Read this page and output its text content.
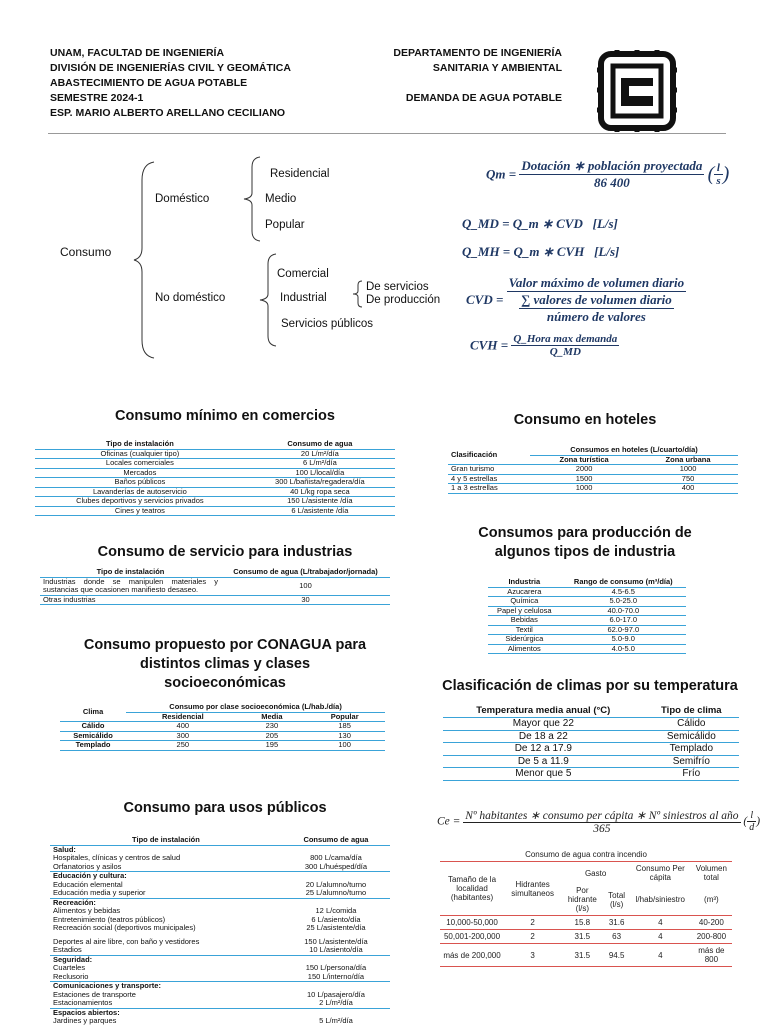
UNAM, FACULTAD DE INGENIERÍA
DIVISIÓN DE INGENIERÍAS CIVIL Y GEOMÁTICA
ABASTECIMIENTO DE AGUA POTABLE
SEMESTRE 2024-1
ESP. MARIO ALBERTO ARELLANO CECILIANO
DEPARTAMENTO DE INGENIERÍA
SANITARIA Y AMBIENTAL
DEMANDA DE AGUA POTABLE
Consumo
Doméstico
No doméstico
Residencial
Medio
Popular
Comercial
Industrial
Servicios públicos
De servicios
De producción
$Qm = \frac{\text{Dotación ∗ población proyectada}}{86 400}$ ( $\frac{l}{s}$ )
Q_MD = Q_m ∗ CVD   [L/s]
Q_MH = Q_m ∗ CVH   [L/s]
CVD = $\frac{\text{Valor máximo de volumen diario}}{\frac{\text{∑ valores de volumen diario}}{\text{número de valores}}}$
CVH = $\frac{\text{Q\_Hora max demanda}}{Q\_MD}$
Consumo mínimo en comercios
Tipo de instalación	Consumo de agua
Oficinas (cualquier tipo)	20 L/m²/día
Locales comerciales	6 L/m²/día
Mercados	100 L/local/día
Baños públicos	300 L/bañista/regadera/día
Lavanderías de autoservicio	40 L/kg ropa seca
Clubes deportivos y servicios privados	150 L/asistente /día
Cines y teatros	6 L/asistente /día
Consumo de servicio para industrias
Tipo de instalación	Consumo de agua (L/trabajador/jornada)
Industrias donde se manipulen materiales y sustancias que ocasionen manifiesto desaseo.	100
Otras industrias	30
Consumo propuesto por CONAGUA para
distintos climas y clases
socioeconómicas
Clima	Consumo por clase socioeconómica (L/hab./día)		
	Residencial	Media	Popular
Cálido	400	230	185
Semicálido	300	205	130
Templado	250	195	100
Consumo para usos públicos
Tipo de instalación	Consumo de agua
Salud:	
Hospitales, clínicas y centros de salud	800 L/cama/día
Orfanatorios y asilos	300 L/huésped/día
Educación y cultura:	
Educación elemental	20 L/alumno/turno
Educación media y superior	25 L/alumno/turno
Recreación:	
Alimentos y bebidas	12 L/comida
Entretenimiento (teatros públicos)	6 L/asiento/día
Recreación social (deportivos municipales)	25 L/asistente/día

Deportes al aire libre, con baño y vestidores	150 L/asistente/día
Estadios	10 L/asiento/día
Seguridad:	
Cuarteles	150 L/persona/día
Reclusorio	150 L/interno/día
Comunicaciones y transporte:	
Estaciones de transporte	10 L/pasajero/día
Estacionamientos	2 L/m²/día
Espacios abiertos:	
Jardines y parques	5 L/m²/día
Consumo en hoteles
Clasificación	Consumos en hoteles (L/cuarto/día)	
	Zona turística	Zona urbana
Gran turismo	2000	1000
4 y 5 estrellas	1500	750
1 a 3 estrellas	1000	400
Consumos para producción de
algunos tipos de industria
Industria	Rango de consumo (m³/día)
Azucarera	4.5-6.5
Química	5.0-25.0
Papel y celulosa	40.0-70.0
Bebidas	6.0-17.0
Textil	62.0-97.0
Siderúrgica	5.0-9.0
Alimentos	4.0-5.0
Clasificación de climas por su temperatura
Temperatura media anual (°C)	Tipo de clima
Mayor que 22	Cálido
De 18 a 22	Semicálido
De 12 a 17.9	Templado
De 5 a 11.9	Semifrío
Menor que 5	Frío
$Ce = \frac{\text{Nº habitantes ∗ consumo per cápita ∗ Nº siniestros al año}}{365}$ ( $\frac{l}{d}$ )
Consumo de agua contra incendio					
Tamaño de la localidad (habitantes)	Hidrantes simultaneos	Gasto		Consumo Per cápita	Volumen total
		Por hidrante (l/s)	Total (l/s)	l/hab/siniestro	(m³)
10,000-50,000	2	15.8	31.6	4	40-200
50,001-200,000	2	31.5	63	4	200-800
más de 200,000	3	31.5	94.5	4	más de 800
